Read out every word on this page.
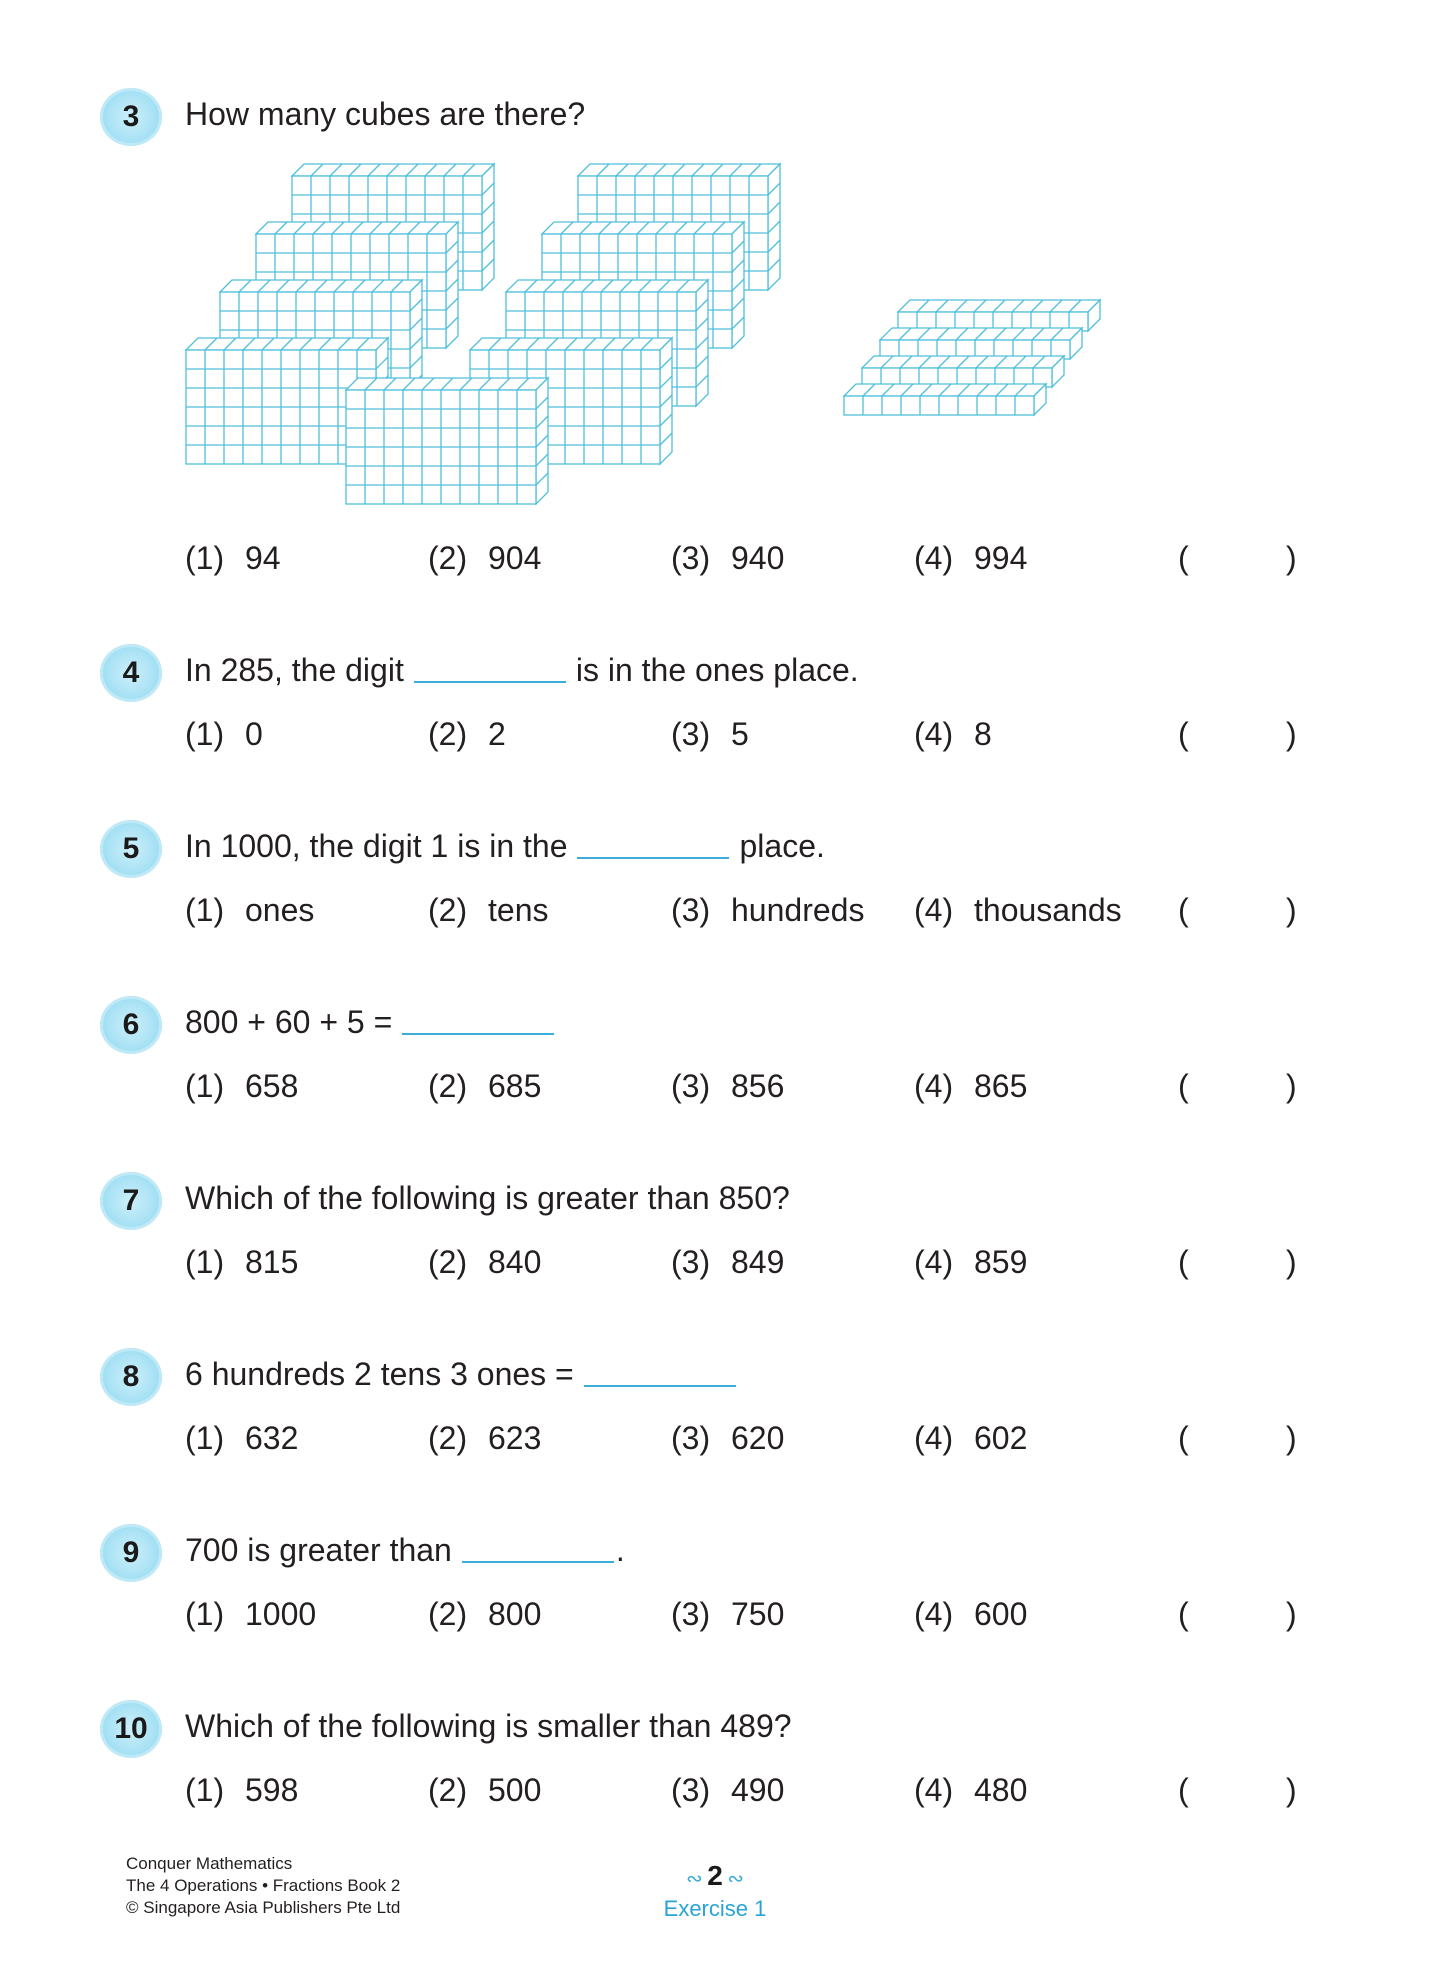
3	How many cubes are there?
(1) 94	(2) 904	(3) 940	(4) 994	(	)
4	In 285, the digit	is in the ones place.
(1) 0	(2) 2	(3) 5	(4) 8	(	)
5	In 1000, the digit 1 is in the	place.
(1) ones	(2) tens	(3) hundreds (4) thousands (	)
6	800 + 60 + 5 =
(1) 658	(2) 685	(3) 856	(4) 865	(	)
7	Which of the following is greater than 850?
(1) 815	(2) 840	(3) 849	(4) 859	(	)
8	6 hundreds 2 tens 3 ones =
(1) 632	(2) 623	(3) 620	(4) 602	(	)
9	700 is greater than	.
(1) 1000	(2) 800	(3) 750	(4) 600	(	)
10	Which of the following is smaller than 489?
(1) 598	(2) 500	(3) 490	(4) 480	(	)
Conquer Mathematics
The 4 Operations • Fractions Book 2
© Singapore Asia Publishers Pte Ltd
∾ 2 ∾
Exercise 1
